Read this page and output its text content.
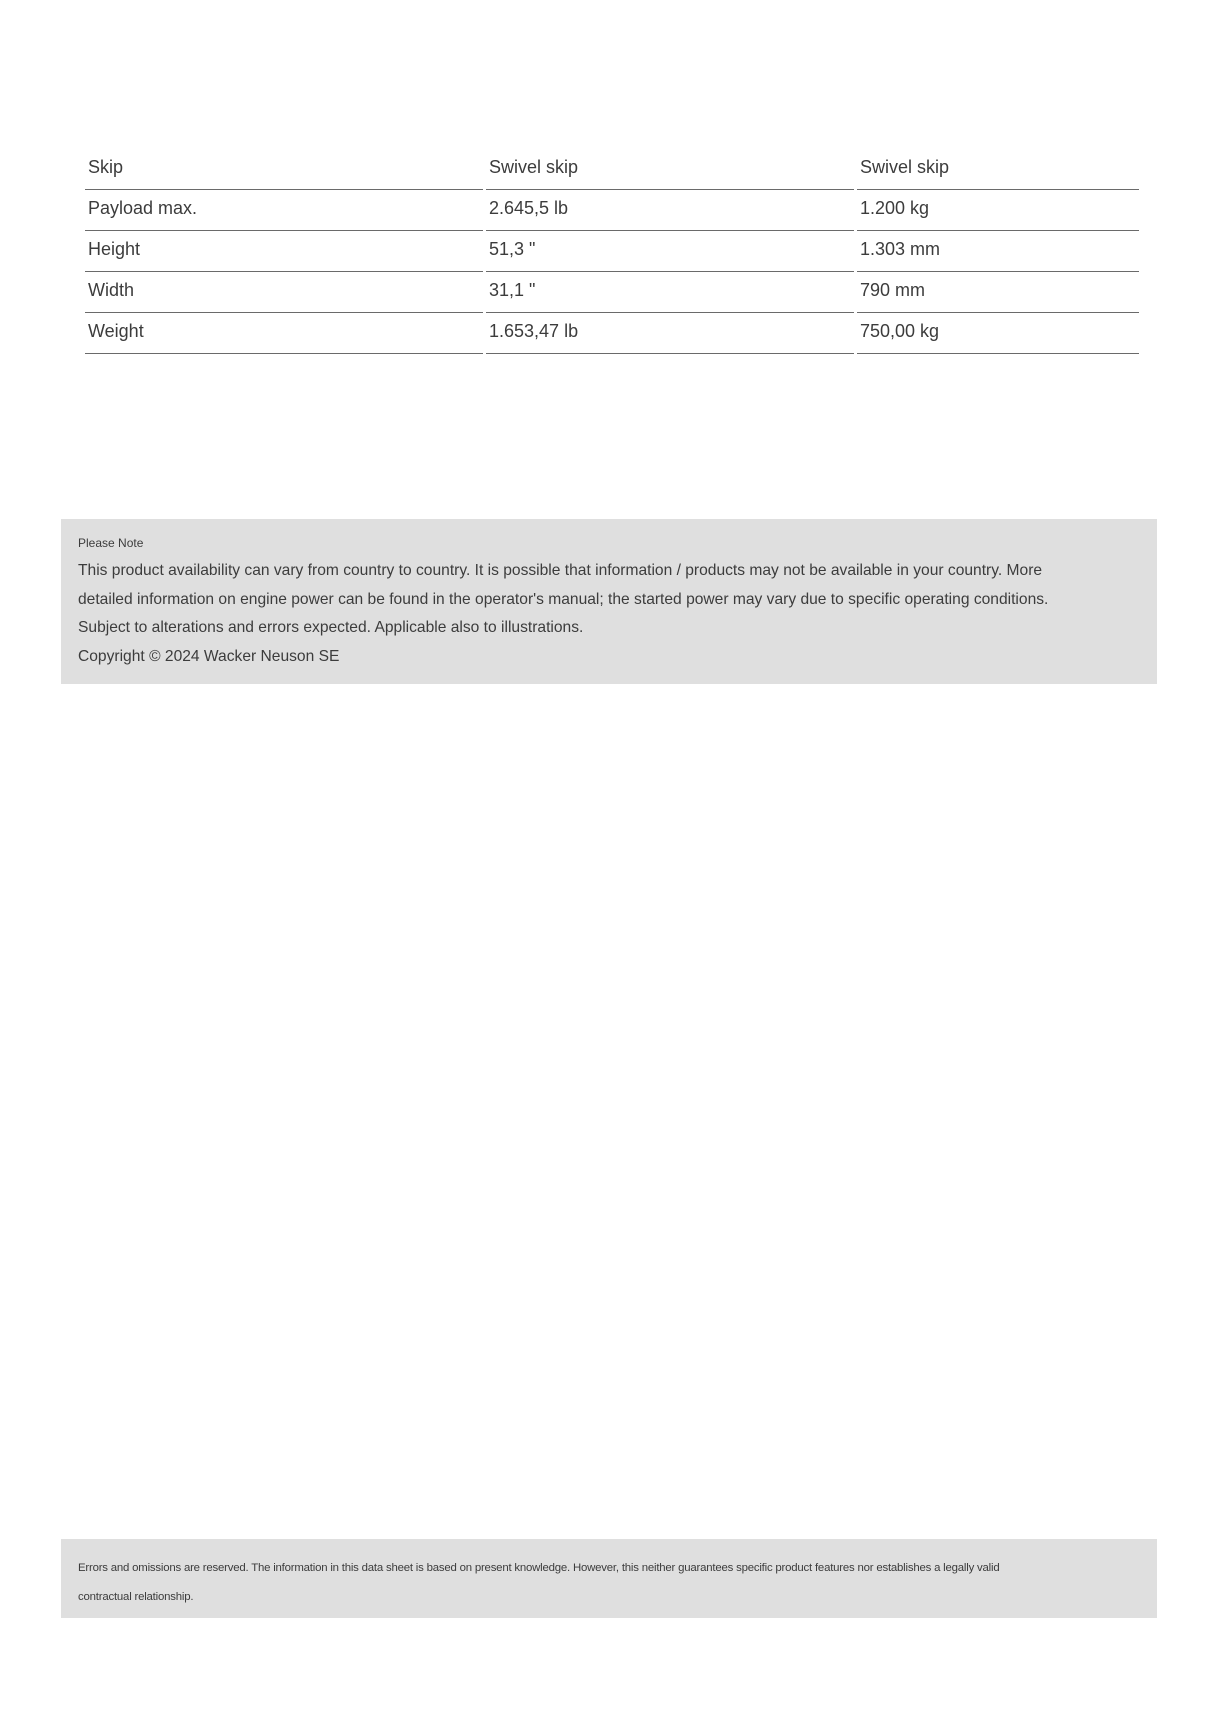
Skip	Swivel skip	Swivel skip
Payload max.	2.645,5 lb	1.200 kg
Height	51,3 "	1.303 mm
Width	31,1 "	790 mm
Weight	1.653,47 lb	750,00 kg
Please Note

This product availability can vary from country to country. It is possible that information / products may not be available in your country. More

detailed information on engine power can be found in the operator's manual; the started power may vary due to specific operating conditions.

Subject to alterations and errors expected. Applicable also to illustrations.

Copyright © 2024 Wacker Neuson SE

Errors and omissions are reserved. The information in this data sheet is based on present knowledge. However, this neither guarantees specific product features nor establishes a legally valid
contractual relationship.
